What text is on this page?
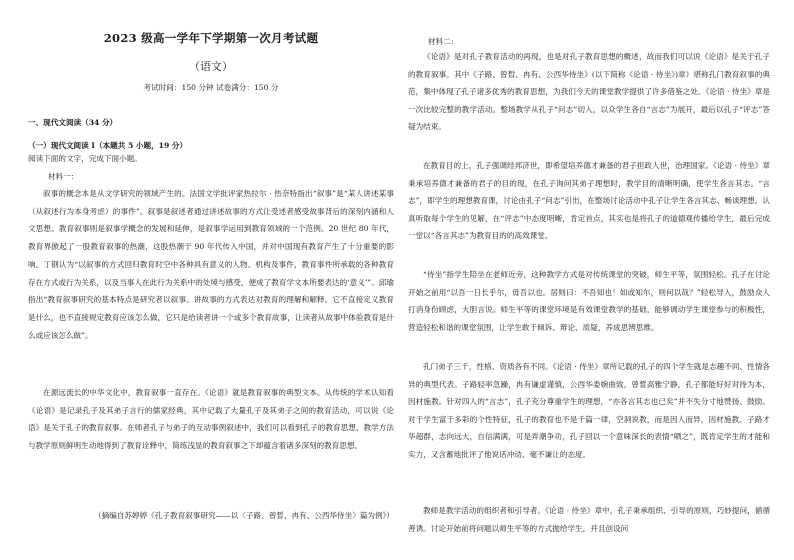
2023 级高一学年下学期第一次月考试题
（语文）
考试时间：150 分钟 试卷满分：150 分
一、现代文阅读（34 分）
（一）现代文阅读 I（本题共 5 小题，19 分）
阅读下面的文字，完成下面小题。
材料一：
叙事的概念本是从文学研究的领域产生的。法国文学批评家热拉尔 · 热奈特指出“叙事”是“某人讲述某事（从叙述行为本身考虑）的事件”。叙事是叙述者通过讲述故事的方式让受述者感受故事背后的深刻内涵和人文思想。教育叙事则是叙事学概念的发展和延伸，是叙事学运用到教育领域的一个范例。20 世纪 80 年代，教育界掀起了一股教育叙事的热潮，这股热潮于 90 年代传入中国，并对中国现有教育产生了十分重要的影响。丁钢认为“以叙事的方式回归教育时空中各种具有意义的人物、机构及事件，教育事件所承载的各种教育存在方式或行为关系，以及当事人在此行为关系中的处境与感受，便成了教育学文本所要表达的‘意义’”。邱瑜指出“教育叙事研究的基本特点是研究者以叙事、讲故事的方式表达对教育的理解和解释。它不直接定义教育是什么，也不直接规定教育应该怎么做，它只是给读者讲一个或多个教育故事，让读者从故事中体验教育是什么或应该怎么做”。
在源远流长的中华文化中，教育叙事一直存在。《论语》就是教育叙事的典型文本。从传统的学术认知看《论语》是记录孔子及其弟子言行的儒家经典，其中记载了大量孔子及其弟子之间的教育活动，可以说《论语》是关于孔子的教育叙事。在师者孔子与弟子的互动事例叙述中，我们可以看到孔子的教育思想、教学方法与教学原则鲜明生动地得到了教育诠释中，简练浅显的教育叙事之下却蕴含着诸多深刻的教育思想。
（摘编自苏婷婷《孔子教育叙事研究——以〈子路、曾晳、冉有、公西华侍坐〉篇为例》）
材料二：
《论语》是对孔子教育活动的再现，也是对孔子教育思想的概述，故而我们可以说《论语》是关于孔子的教育叙事。其中《子路、曾晳、冉有、公西华侍坐》(以下简称《论语 · 侍坐》)章）堪称孔门教育叙事的典范，集中体现了孔子诸多优秀的教育思想，为我们今天的课堂教学提供了许多借鉴之处。《论语 · 侍坐》章是一次比较完整的教学活动。整场教学从孔子“问志”切入，以众学生各自“言志”为展开，最后以孔子“评志”答疑为结束。
在教育目的上，孔子强调经邦济世，即希望培养德才兼备的君子担政人世，治理国家。《论语 · 侍坐》章秉承培养德才兼备的君子的目的现，在孔子询问其弟子理想时，教学目的清晰明确，使学生各言其志。“言志”，即学生的理想教育课，讨论由孔子“问志”引出，在整场讨论活动中孔子让学生各言其志、畅谈理想，认真听取每个学生的见解，在“评志”中态度明晰，肯定首点，其实也是将孔子的道德观传播给学生，最后完成一堂以“各言其志”为教育目的的高效课堂。
“侍坐”指学生陪坐在老师近旁，这种教学方式是对传统课堂的突破，师生平等，氛围轻松。孔子在讨论开始之前用“以吾一日长乎尔，毋吾以也。居则曰：不吾知也！如或知尔，则何以哉？”轻松导入，鼓励众人打消身份顾虑，大胆言说。师生平等的课堂环境是有效课堂教学的基础，能够调动学生课堂参与的积极性，营造轻松和谐的课堂氛围，让学生敢于倾诉、辩论、质疑，养成思辨思维。
孔门弟子三千，性格、资质各有不同。《论语 · 侍坐》章所记载的孔子的四个学生就是志趣不同、性情各异的典型代表。子路轻率急躁，冉有谦虚谨慎，公西华委婉曲致，曾皙高雅宁静，孔子都能好好对待为本，因材施教。针对四人的“言志”，孔子充分尊重学生的理想，“亦各言其志也已矣”并不失分寸地赞扬、鼓励。对于学生富于多彩的个性特征，孔子的教育也不是千篇一律，空洞说教，而是因人而异，因材施教。子路才华超群，志向远大，自信满满，可是弄潮争功，孔子回以一个意味深长的表情“哂之”，既肯定学生的才能和实力，又含蓄地批评了他说话冲动、毫不谦让的态度。
教师是教学活动的组织者和引导者。《论语 · 侍坐》章中，孔子秉承组织、引导的原则，巧妙提问，循循善诱。讨论开始前将问题以师生平等的方式抛给学生，并且创设问
